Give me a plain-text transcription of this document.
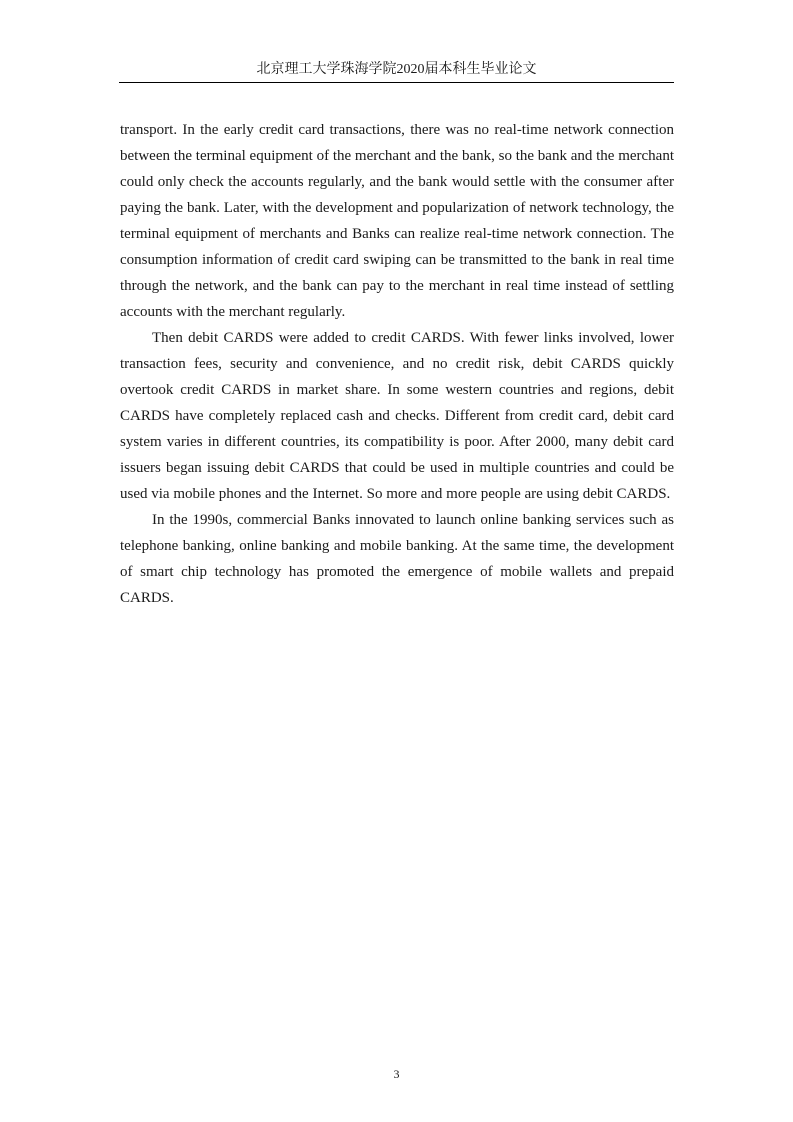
北京理工大学珠海学院2020届本科生毕业论文

transport. In the early credit card transactions, there was no real-time network connection between the terminal equipment of the merchant and the bank, so the bank and the merchant could only check the accounts regularly, and the bank would settle with the consumer after paying the bank. Later, with the development and popularization of network technology, the terminal equipment of merchants and Banks can realize real-time network connection. The consumption information of credit card swiping can be transmitted to the bank in real time through the network, and the bank can pay to the merchant in real time instead of settling accounts with the merchant regularly.

Then debit CARDS were added to credit CARDS. With fewer links involved, lower transaction fees, security and convenience, and no credit risk, debit CARDS quickly overtook credit CARDS in market share. In some western countries and regions, debit CARDS have completely replaced cash and checks. Different from credit card, debit card system varies in different countries, its compatibility is poor. After 2000, many debit card issuers began issuing debit CARDS that could be used in multiple countries and could be used via mobile phones and the Internet. So more and more people are using debit CARDS.

In the 1990s, commercial Banks innovated to launch online banking services such as telephone banking, online banking and mobile banking. At the same time, the development of smart chip technology has promoted the emergence of mobile wallets and prepaid CARDS.

3
